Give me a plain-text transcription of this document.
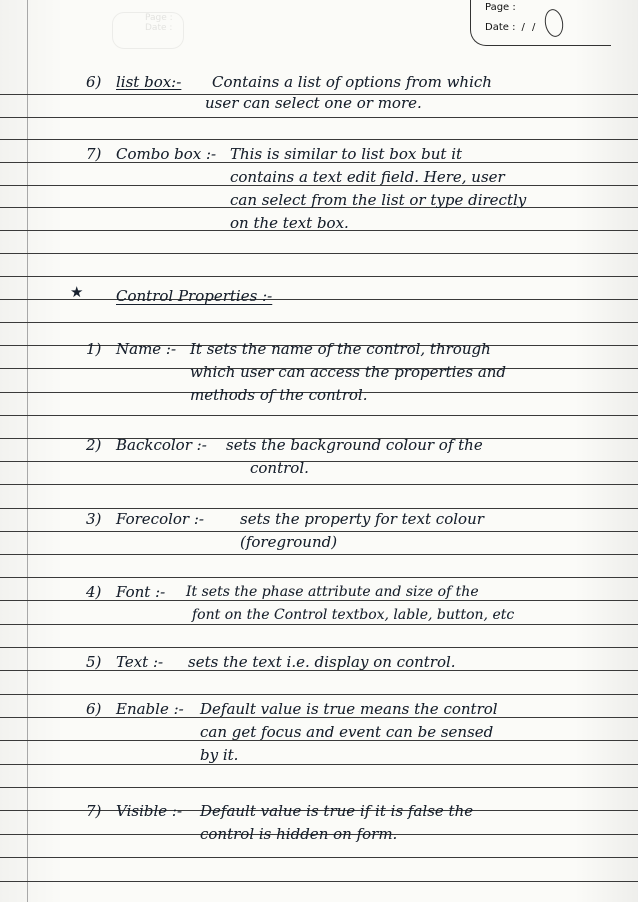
Page :
Date :
Page :
Date : / /
6) list box:- Contains a list of options from which
user can select one or more.
7) Combo box :- This is similar to list box but it
contains a text edit field. Here, user
can select from the list or type directly
on the text box.
★ Control Properties :-
1) Name :- It sets the name of the control, through
which user can access the properties and
methods of the control.
2) Backcolor :- sets the background colour of the
control.
3) Forecolor :- sets the property for text colour
(foreground)
4) Font :- It sets the phase attribute and size of the
font on the Control textbox, lable, button, etc
5) Text :- sets the text i.e. display on control.
6) Enable :- Default value is true means the control
can get focus and event can be sensed
by it.
7) Visible :- Default value is true if it is false the
control is hidden on form.
